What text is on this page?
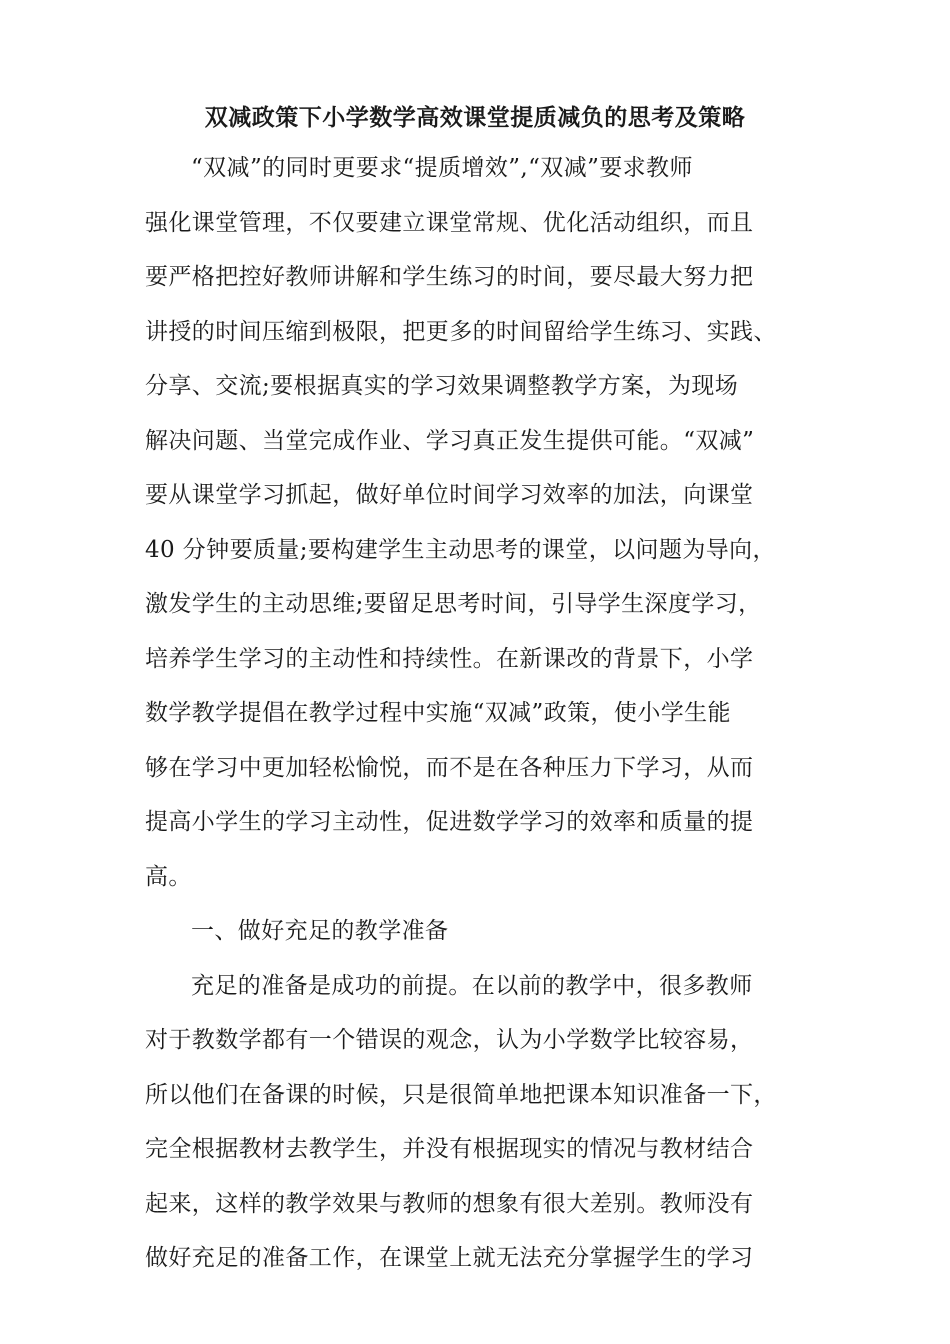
双减政策下小学数学高效课堂提质减负的思考及策略
“双减”的同时更要求“提质增效”,“双减”要求教师
强化课堂管理，不仅要建立课堂常规、优化活动组织，而且
要严格把控好教师讲解和学生练习的时间，要尽最大努力把
讲授的时间压缩到极限，把更多的时间留给学生练习、实践、
分享、交流;要根据真实的学习效果调整教学方案，为现场
解决问题、当堂完成作业、学习真正发生提供可能。“双减”
要从课堂学习抓起，做好单位时间学习效率的加法，向课堂
40 分钟要质量;要构建学生主动思考的课堂，以问题为导向，
激发学生的主动思维;要留足思考时间，引导学生深度学习，
培养学生学习的主动性和持续性。在新课改的背景下，小学
数学教学提倡在教学过程中实施“双减”政策，使小学生能
够在学习中更加轻松愉悦，而不是在各种压力下学习，从而
提高小学生的学习主动性，促进数学学习的效率和质量的提
高。
一、做好充足的教学准备
充足的准备是成功的前提。在以前的教学中，很多教师
对于教数学都有一个错误的观念，认为小学数学比较容易，
所以他们在备课的时候，只是很简单地把课本知识准备一下，
完全根据教材去教学生，并没有根据现实的情况与教材结合
起来，这样的教学效果与教师的想象有很大差别。教师没有
做好充足的准备工作，在课堂上就无法充分掌握学生的学习
